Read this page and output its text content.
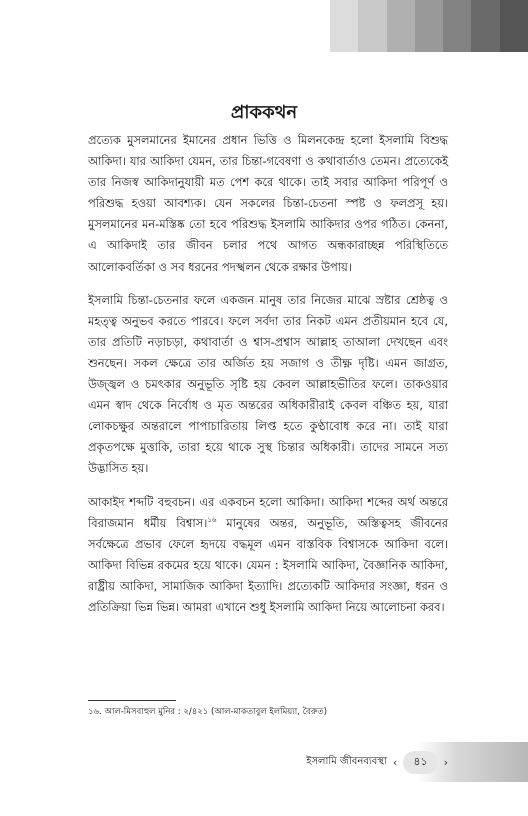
প্রাককথন

প্রত্যেক মুসলমানের ইমানের প্রধান ভিত্তি ও মিলনকেন্দ্র হলো ইসলামি বিশুদ্ধ আকিদা। যার আকিদা যেমন, তার চিন্তা-গবেষণা ও কথাবার্তাও তেমন। প্রত্যেকেই তার নিজস্ব আকিদানুযায়ী মত পেশ করে থাকে। তাই সবার আকিদা পরিপূর্ণ ও পরিশুদ্ধ হওয়া আবশ্যক। যেন সকলের চিন্তা-চেতনা স্পষ্ট ও ফলপ্রসূ হয়। মুসলমানের মন-মস্তিষ্ক তো হবে পরিশুদ্ধ ইসলামি আকিদার ওপর গঠিত। কেননা, এ আকিদাই তার জীবন চলার পথে আগত অন্ধকারাচ্ছন্ন পরিস্থিতিতে আলোকবর্তিকা ও সব ধরনের পদস্খলন থেকে রক্ষার উপায়।

ইসলামি চিন্তা-চেতনার ফলে একজন মানুষ তার নিজের মাঝে স্রষ্টার শ্রেষ্ঠত্ব ও মহত্ত্ব অনুভব করতে পারবে। ফলে সর্বদা তার নিকট এমন প্রতীয়মান হবে যে, তার প্রতিটি নড়াচড়া, কথাবার্তা ও শ্বাস-প্রশ্বাস আল্লাহ তাআলা দেখছেন এবং শুনছেন। সকল ক্ষেত্রে তার অর্জিত হয় সজাগ ও তীক্ষ্ণ দৃষ্টি। এমন জাগ্রত, উজ্জ্বল ও চমৎকার অনুভূতি সৃষ্টি হয় কেবল আল্লাহভীতির ফলে। তাকওয়ার এমন স্বাদ থেকে নির্বোধ ও মৃত অন্তরের অধিকারীরাই কেবল বঞ্চিত হয়, যারা লোকচক্ষুর অন্তরালে পাপাচারিতায় লিপ্ত হতে কুণ্ঠাবোধ করে না। তাই যারা প্রকৃতপক্ষে মুত্তাকি, তারা হয়ে থাকে সুস্থ চিন্তার অধিকারী। তাদের সামনে সত্য উদ্ভাসিত হয়।

আকাইদ শব্দটি বহুবচন। এর একবচন হলো আকিদা। আকিদা শব্দের অর্থ অন্তরে বিরাজমান ধর্মীয় বিশ্বাস।$^{১৬}$ মানুষের অন্তর, অনুভূতি, অস্তিত্বসহ জীবনের সর্বক্ষেত্রে প্রভাব ফেলে হৃদয়ে বদ্ধমূল এমন বাস্তবিক বিশ্বাসকে আকিদা বলে। আকিদা বিভিন্ন রকমের হয়ে থাকে। যেমন : ইসলামি আকিদা, বৈজ্ঞানিক আকিদা, রাষ্ট্রীয় আকিদা, সামাজিক আকিদা ইত্যাদি। প্রত্যেকটি আকিদার সংজ্ঞা, ধরন ও প্রতিক্রিয়া ভিন্ন ভিন্ন। আমরা এখানে শুধু ইসলামি আকিদা নিয়ে আলোচনা করব।

১৬. আল-মিসবাহুল মুনির : ২/৪২১ (আল-মাকতাবুল ইলমিয়্যা, বৈরুত)
ইসলামি জীবনব্যবস্থা ‹	৪১	›
